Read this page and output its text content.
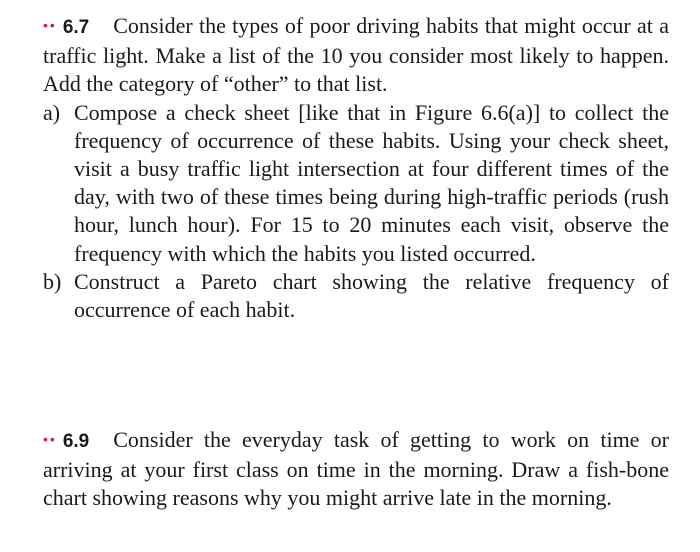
•• 6.7 Consider the types of poor driving habits that might occur at a traffic light. Make a list of the 10 you consider most likely to happen. Add the category of “other” to that list.
a) Compose a check sheet [like that in Figure 6.6(a)] to collect the frequency of occurrence of these habits. Using your check sheet, visit a busy traffic light intersection at four different times of the day, with two of these times being during high-traffic periods (rush hour, lunch hour). For 15 to 20 minutes each visit, observe the frequency with which the habits you listed occurred.
b) Construct a Pareto chart showing the relative frequency of occurrence of each habit.
•• 6.9 Consider the everyday task of getting to work on time or arriving at your first class on time in the morning. Draw a fish-bone chart showing reasons why you might arrive late in the morning.
